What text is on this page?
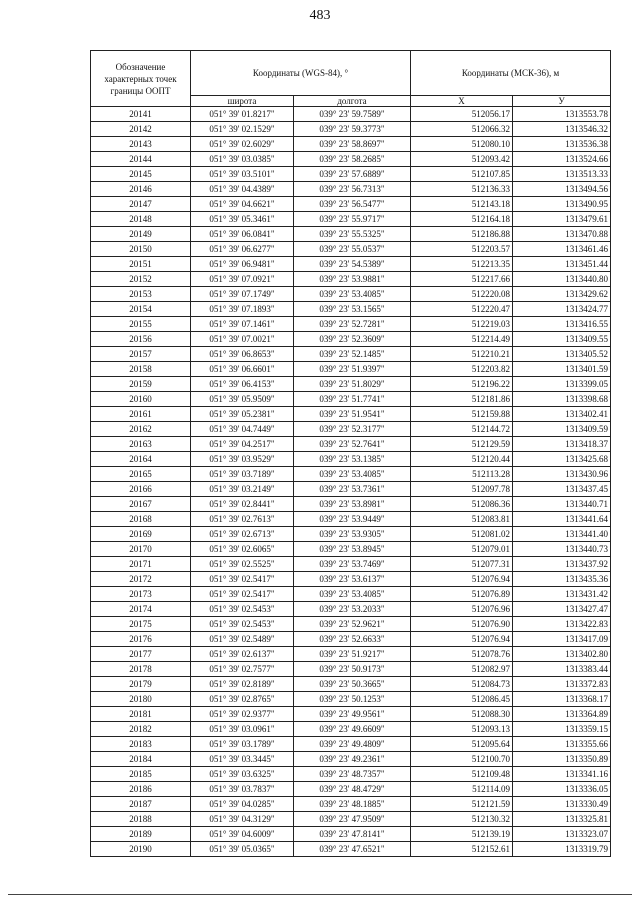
483
Обозначение характерных точек границы ООПТ	Координаты (WGS-84), °		Координаты (МСК-36), м	
	широта	долгота	X	У
20141	051° 39' 01.8217"	039° 23' 59.7589"	512056.17	1313553.78
20142	051° 39' 02.1529"	039° 23' 59.3773"	512066.32	1313546.32
20143	051° 39' 02.6029"	039° 23' 58.8697"	512080.10	1313536.38
20144	051° 39' 03.0385"	039° 23' 58.2685"	512093.42	1313524.66
20145	051° 39' 03.5101"	039° 23' 57.6889"	512107.85	1313513.33
20146	051° 39' 04.4389"	039° 23' 56.7313"	512136.33	1313494.56
20147	051° 39' 04.6621"	039° 23' 56.5477"	512143.18	1313490.95
20148	051° 39' 05.3461"	039° 23' 55.9717"	512164.18	1313479.61
20149	051° 39' 06.0841"	039° 23' 55.5325"	512186.88	1313470.88
20150	051° 39' 06.6277"	039° 23' 55.0537"	512203.57	1313461.46
20151	051° 39' 06.9481"	039° 23' 54.5389"	512213.35	1313451.44
20152	051° 39' 07.0921"	039° 23' 53.9881"	512217.66	1313440.80
20153	051° 39' 07.1749"	039° 23' 53.4085"	512220.08	1313429.62
20154	051° 39' 07.1893"	039° 23' 53.1565"	512220.47	1313424.77
20155	051° 39' 07.1461"	039° 23' 52.7281"	512219.03	1313416.55
20156	051° 39' 07.0021"	039° 23' 52.3609"	512214.49	1313409.55
20157	051° 39' 06.8653"	039° 23' 52.1485"	512210.21	1313405.52
20158	051° 39' 06.6601"	039° 23' 51.9397"	512203.82	1313401.59
20159	051° 39' 06.4153"	039° 23' 51.8029"	512196.22	1313399.05
20160	051° 39' 05.9509"	039° 23' 51.7741"	512181.86	1313398.68
20161	051° 39' 05.2381"	039° 23' 51.9541"	512159.88	1313402.41
20162	051° 39' 04.7449"	039° 23' 52.3177"	512144.72	1313409.59
20163	051° 39' 04.2517"	039° 23' 52.7641"	512129.59	1313418.37
20164	051° 39' 03.9529"	039° 23' 53.1385"	512120.44	1313425.68
20165	051° 39' 03.7189"	039° 23' 53.4085"	512113.28	1313430.96
20166	051° 39' 03.2149"	039° 23' 53.7361"	512097.78	1313437.45
20167	051° 39' 02.8441"	039° 23' 53.8981"	512086.36	1313440.71
20168	051° 39' 02.7613"	039° 23' 53.9449"	512083.81	1313441.64
20169	051° 39' 02.6713"	039° 23' 53.9305"	512081.02	1313441.40
20170	051° 39' 02.6065"	039° 23' 53.8945"	512079.01	1313440.73
20171	051° 39' 02.5525"	039° 23' 53.7469"	512077.31	1313437.92
20172	051° 39' 02.5417"	039° 23' 53.6137"	512076.94	1313435.36
20173	051° 39' 02.5417"	039° 23' 53.4085"	512076.89	1313431.42
20174	051° 39' 02.5453"	039° 23' 53.2033"	512076.96	1313427.47
20175	051° 39' 02.5453"	039° 23' 52.9621"	512076.90	1313422.83
20176	051° 39' 02.5489"	039° 23' 52.6633"	512076.94	1313417.09
20177	051° 39' 02.6137"	039° 23' 51.9217"	512078.76	1313402.80
20178	051° 39' 02.7577"	039° 23' 50.9173"	512082.97	1313383.44
20179	051° 39' 02.8189"	039° 23' 50.3665"	512084.73	1313372.83
20180	051° 39' 02.8765"	039° 23' 50.1253"	512086.45	1313368.17
20181	051° 39' 02.9377"	039° 23' 49.9561"	512088.30	1313364.89
20182	051° 39' 03.0961"	039° 23' 49.6609"	512093.13	1313359.15
20183	051° 39' 03.1789"	039° 23' 49.4809"	512095.64	1313355.66
20184	051° 39' 03.3445"	039° 23' 49.2361"	512100.70	1313350.89
20185	051° 39' 03.6325"	039° 23' 48.7357"	512109.48	1313341.16
20186	051° 39' 03.7837"	039° 23' 48.4729"	512114.09	1313336.05
20187	051° 39' 04.0285"	039° 23' 48.1885"	512121.59	1313330.49
20188	051° 39' 04.3129"	039° 23' 47.9509"	512130.32	1313325.81
20189	051° 39' 04.6009"	039° 23' 47.8141"	512139.19	1313323.07
20190	051° 39' 05.0365"	039° 23' 47.6521"	512152.61	1313319.79
